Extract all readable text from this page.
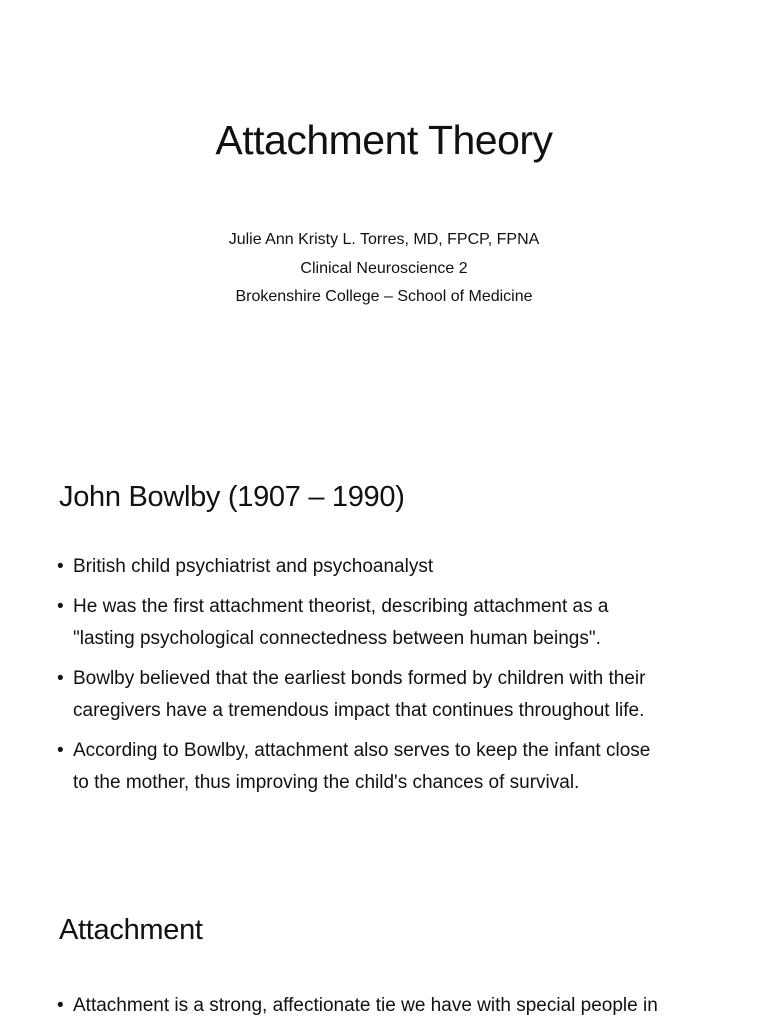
Attachment Theory
Julie Ann Kristy L. Torres, MD, FPCP, FPNA
Clinical Neuroscience 2
Brokenshire College – School of Medicine
John Bowlby (1907 – 1990)
• British child psychiatrist and psychoanalyst
• He was the first attachment theorist, describing attachment as a
"lasting psychological connectedness between human beings".
• Bowlby believed that the earliest bonds formed by children with their
caregivers have a tremendous impact that continues throughout life.
• According to Bowlby, attachment also serves to keep the infant close
to the mother, thus improving the child's chances of survival.
Attachment
• Attachment is a strong, affectionate tie we have with special people in
